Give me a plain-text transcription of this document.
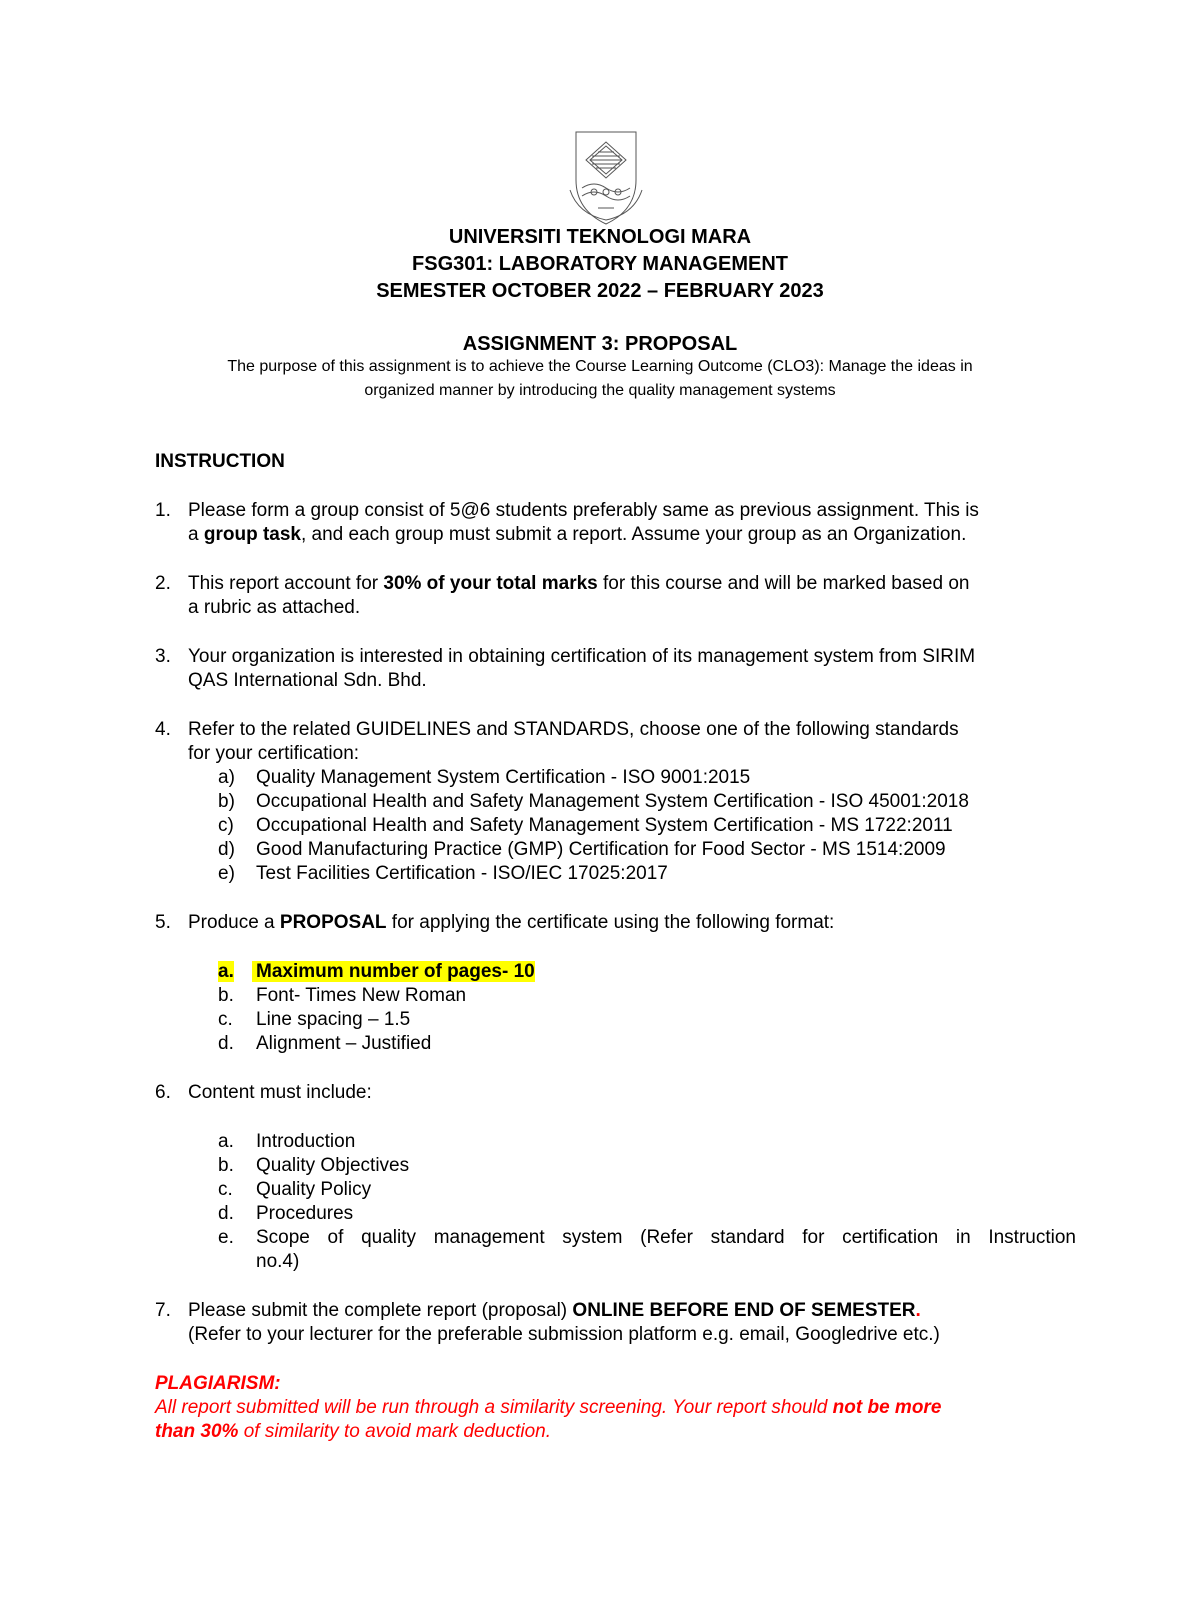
UNIVERSITI TEKNOLOGI MARA
FSG301: LABORATORY MANAGEMENT
SEMESTER OCTOBER 2022 – FEBRUARY 2023
ASSIGNMENT 3: PROPOSAL
The purpose of this assignment is to achieve the Course Learning Outcome (CLO3): Manage the ideas in
organized manner by introducing the quality management systems
INSTRUCTION
1. Please form a group consist of 5@6 students preferably same as previous assignment. This is
a group task, and each group must submit a report. Assume your group as an Organization.
2. This report account for 30% of your total marks for this course and will be marked based on
a rubric as attached.
3. Your organization is interested in obtaining certification of its management system from SIRIM
QAS International Sdn. Bhd.
4. Refer to the related GUIDELINES and STANDARDS, choose one of the following standards
for your certification:
a) Quality Management System Certification - ISO 9001:2015
b) Occupational Health and Safety Management System Certification - ISO 45001:2018
c) Occupational Health and Safety Management System Certification - MS 1722:2011
d) Good Manufacturing Practice (GMP) Certification for Food Sector - MS 1514:2009
e) Test Facilities Certification - ISO/IEC 17025:2017
5. Produce a PROPOSAL for applying the certificate using the following format:
a. Maximum number of pages- 10
b. Font- Times New Roman
c. Line spacing – 1.5
d. Alignment – Justified
6. Content must include:
a. Introduction
b. Quality Objectives
c. Quality Policy
d. Procedures
e. Scope of quality management system (Refer standard for certification in Instruction
no.4)
7. Please submit the complete report (proposal) ONLINE BEFORE END OF SEMESTER.
(Refer to your lecturer for the preferable submission platform e.g. email, Googledrive etc.)
PLAGIARISM:
All report submitted will be run through a similarity screening. Your report should not be more
than 30% of similarity to avoid mark deduction.
